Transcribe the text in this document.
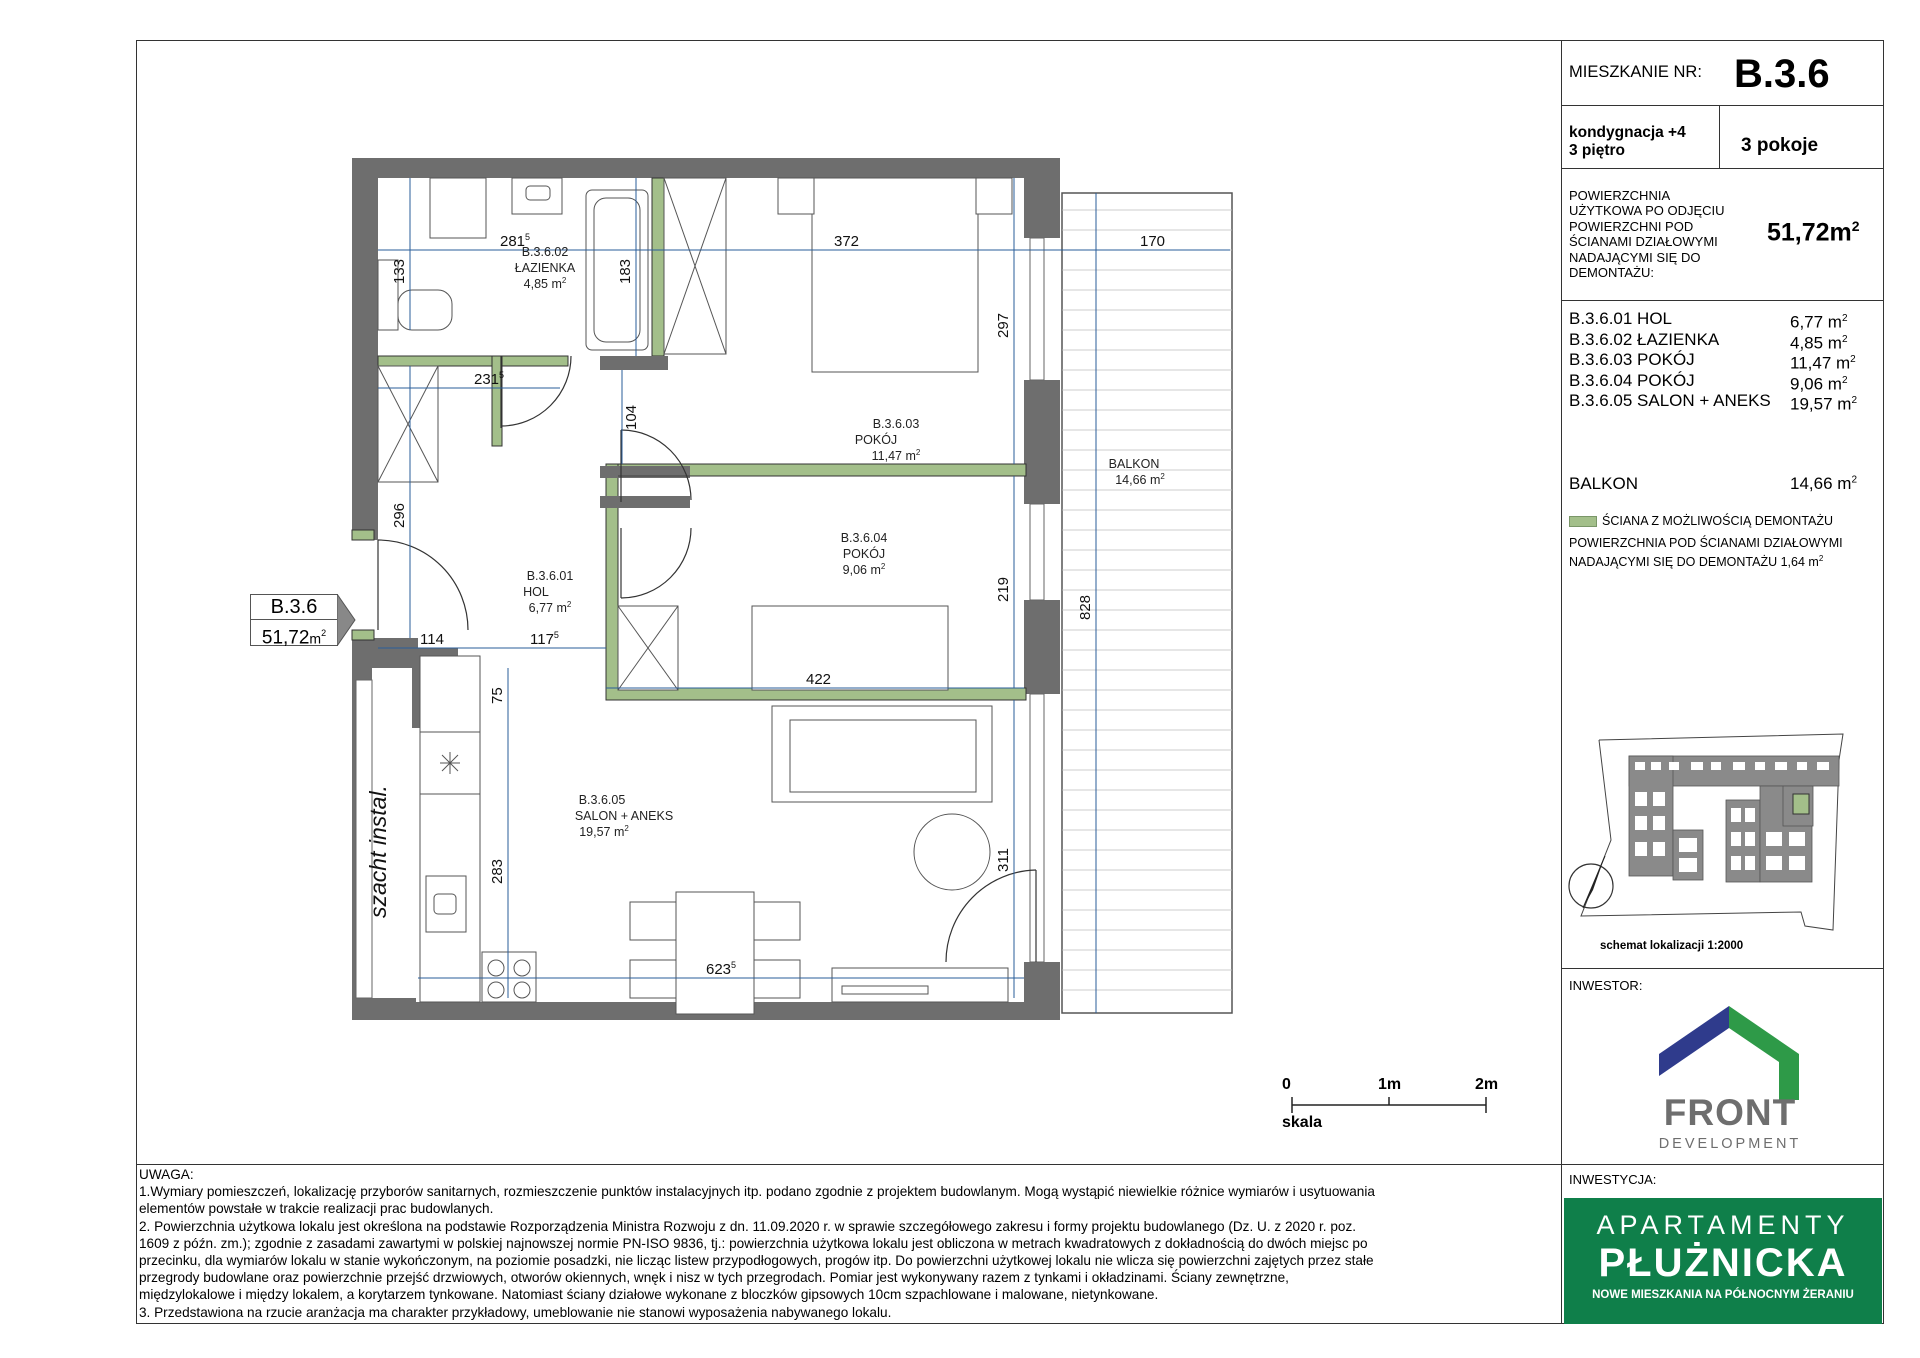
MIESZKANIE NR: B.3.6
kondygnacja +4
3 piętro	3 pokoje
POWIERZCHNIA
UŻYTKOWA PO ODJĘCIU
POWIERZCHNI POD
ŚCIANAMI DZIAŁOWYMI
NADAJĄCYMI SIĘ DO
DEMONTAŻU:
$51,72m^2$
B.3.6.01 HOL	6,77 $m^2$
B.3.6.02 ŁAZIENKA	4,85 $m^2$
B.3.6.03 POKÓJ	11,47 $m^2$
B.3.6.04 POKÓJ	9,06 $m^2$
B.3.6.05 SALON + ANEKS 19,57 $m^2$
BALKON	14,66 $m^2$
ŚCIANA Z MOŻLIWOŚCIĄ DEMONTAŻU
POWIERZCHNIA POD ŚCIANAMI DZIAŁOWYMI
NADAJĄCYMI SIĘ DO DEMONTAŻU 1,64 $m^2$
schemat lokalizacji 1:2000
INWESTOR:
FRONT
DEVELOPMENT
INWESTYCJA:
APARTAMENTY
PŁUŻNICKA
NOWE MIESZKANIA NA PÓŁNOCNYM ŻERANIU
UWAGA:
1.Wymiary pomieszczeń, lokalizację przyborów sanitarnych, rozmieszczenie punktów instalacyjnych itp. podano zgodnie z projektem budowlanym. Mogą wystąpić niewielkie różnice wymiarów i usytuowania
elementów powstałe w trakcie realizacji prac budowlanych.
2. Powierzchnia użytkowa lokalu jest określona na podstawie Rozporządzenia Ministra Rozwoju z dn. 11.09.2020 r. w sprawie szczegółowego zakresu i formy projektu budowlanego (Dz. U. z 2020 r. poz.
1609 z późn. zm.); zgodnie z zasadami zawartymi w polskiej najnowszej normie PN-ISO 9836, tj.: powierzchnia użytkowa lokalu jest obliczona w metrach kwadratowych z dokładnością do dwóch miejsc po
przecinku, dla wymiarów lokalu w stanie wykończonym, na poziomie posadzki, nie licząc listew przypodłogowych, progów itp. Do powierzchni użytkowej lokalu nie wlicza się powierzchni zajętych przez stałe
przegrody budowlane oraz powierzchnie przejść drzwiowych, otworów okiennych, wnęk i nisz w tych przegrodach. Pomiar jest wykonywany razem z tynkami i okładzinami. Ściany zewnętrzne,
międzylokalowe i między lokalem, a korytarzem tynkowane. Natomiast ściany działowe wykonane z bloczków gipsowych 10cm szpachlowane i malowane, nietynkowane.
3. Przedstawiona na rzucie aranżacja ma charakter przykładowy, umeblowanie nie stanowi wyposażenia nabywanego lokalu.
$281^5$	372	170
133	183
297
$231^5$
104
296
219
828
114	$117^5$
422
75
283	311
$623^5$
B.3.6.02
ŁAZIENKA
4,85 $m^2$
B.3.6.03
POKÓJ
11,47 $m^2$
B.3.6.04
POKÓJ
9,06 $m^2$
B.3.6.01
HOL
6,77 $m^2$
B.3.6.05
SALON + ANEKS
19,57 $m^2$
BALKON
14,66 $m^2$
szacht instal.
B.3.6
$51,72m^2$
0	1m	2m
skala
